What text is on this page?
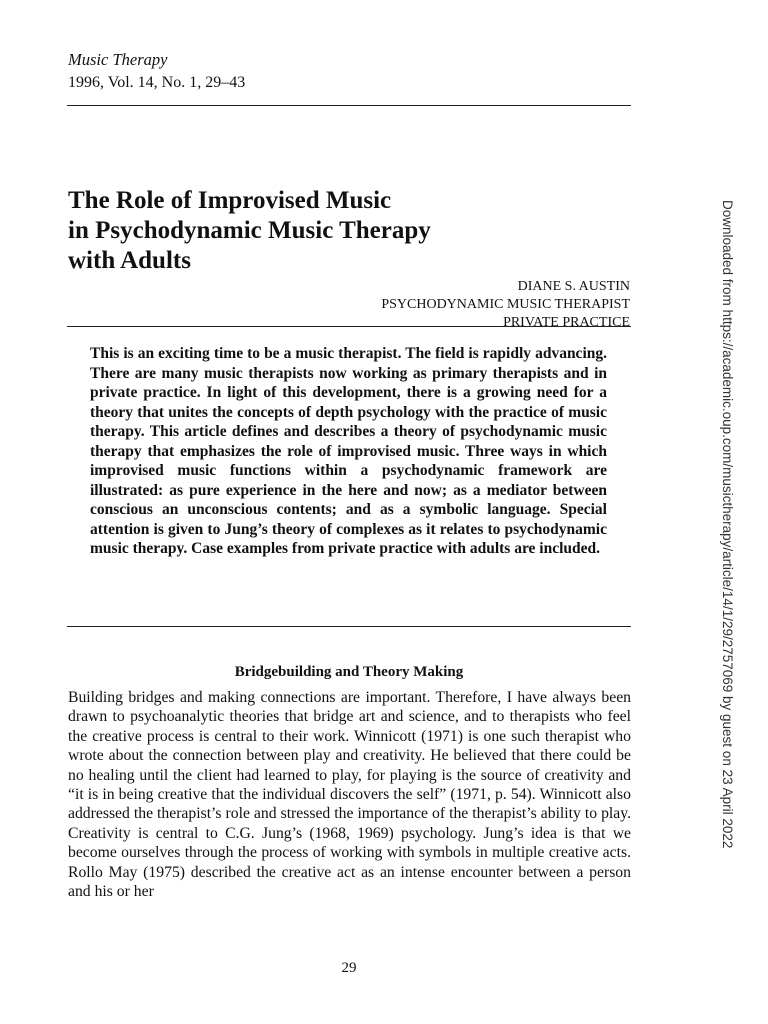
Music Therapy
1996, Vol. 14, No. 1, 29–43
The Role of Improvised Music
in Psychodynamic Music Therapy
with Adults
DIANE S. AUSTIN
PSYCHODYNAMIC MUSIC THERAPIST
PRIVATE PRACTICE

This is an exciting time to be a music therapist. The field is rapidly advancing. There are many music therapists now working as primary therapists and in private practice. In light of this development, there is a growing need for a theory that unites the concepts of depth psychology with the practice of music therapy. This article defines and describes a theory of psychodynamic music therapy that emphasizes the role of improvised music. Three ways in which improvised music functions within a psychodynamic framework are illustrated: as pure experience in the here and now; as a mediator between conscious an unconscious contents; and as a symbolic language. Special attention is given to Jung’s theory of complexes as it relates to psychodynamic music therapy. Case examples from private practice with adults are included.

Bridgebuilding and Theory Making

Building bridges and making connections are important. Therefore, I have always been drawn to psychoanalytic theories that bridge art and science, and to therapists who feel the creative process is central to their work. Winnicott (1971) is one such therapist who wrote about the connection between play and creativity. He believed that there could be no healing until the client had learned to play, for playing is the source of creativity and “it is in being creative that the individual discovers the self” (1971, p. 54). Winnicott also addressed the therapist’s role and stressed the importance of the therapist’s ability to play. Creativity is central to C.G. Jung’s (1968, 1969) psychology. Jung’s idea is that we become ourselves through the process of working with symbols in multiple creative acts. Rollo May (1975) described the creative act as an intense encounter between a person and his or her

29
Downloaded from https://academic.oup.com/musictherapy/article/14/1/29/2757069 by guest on 23 April 2022
